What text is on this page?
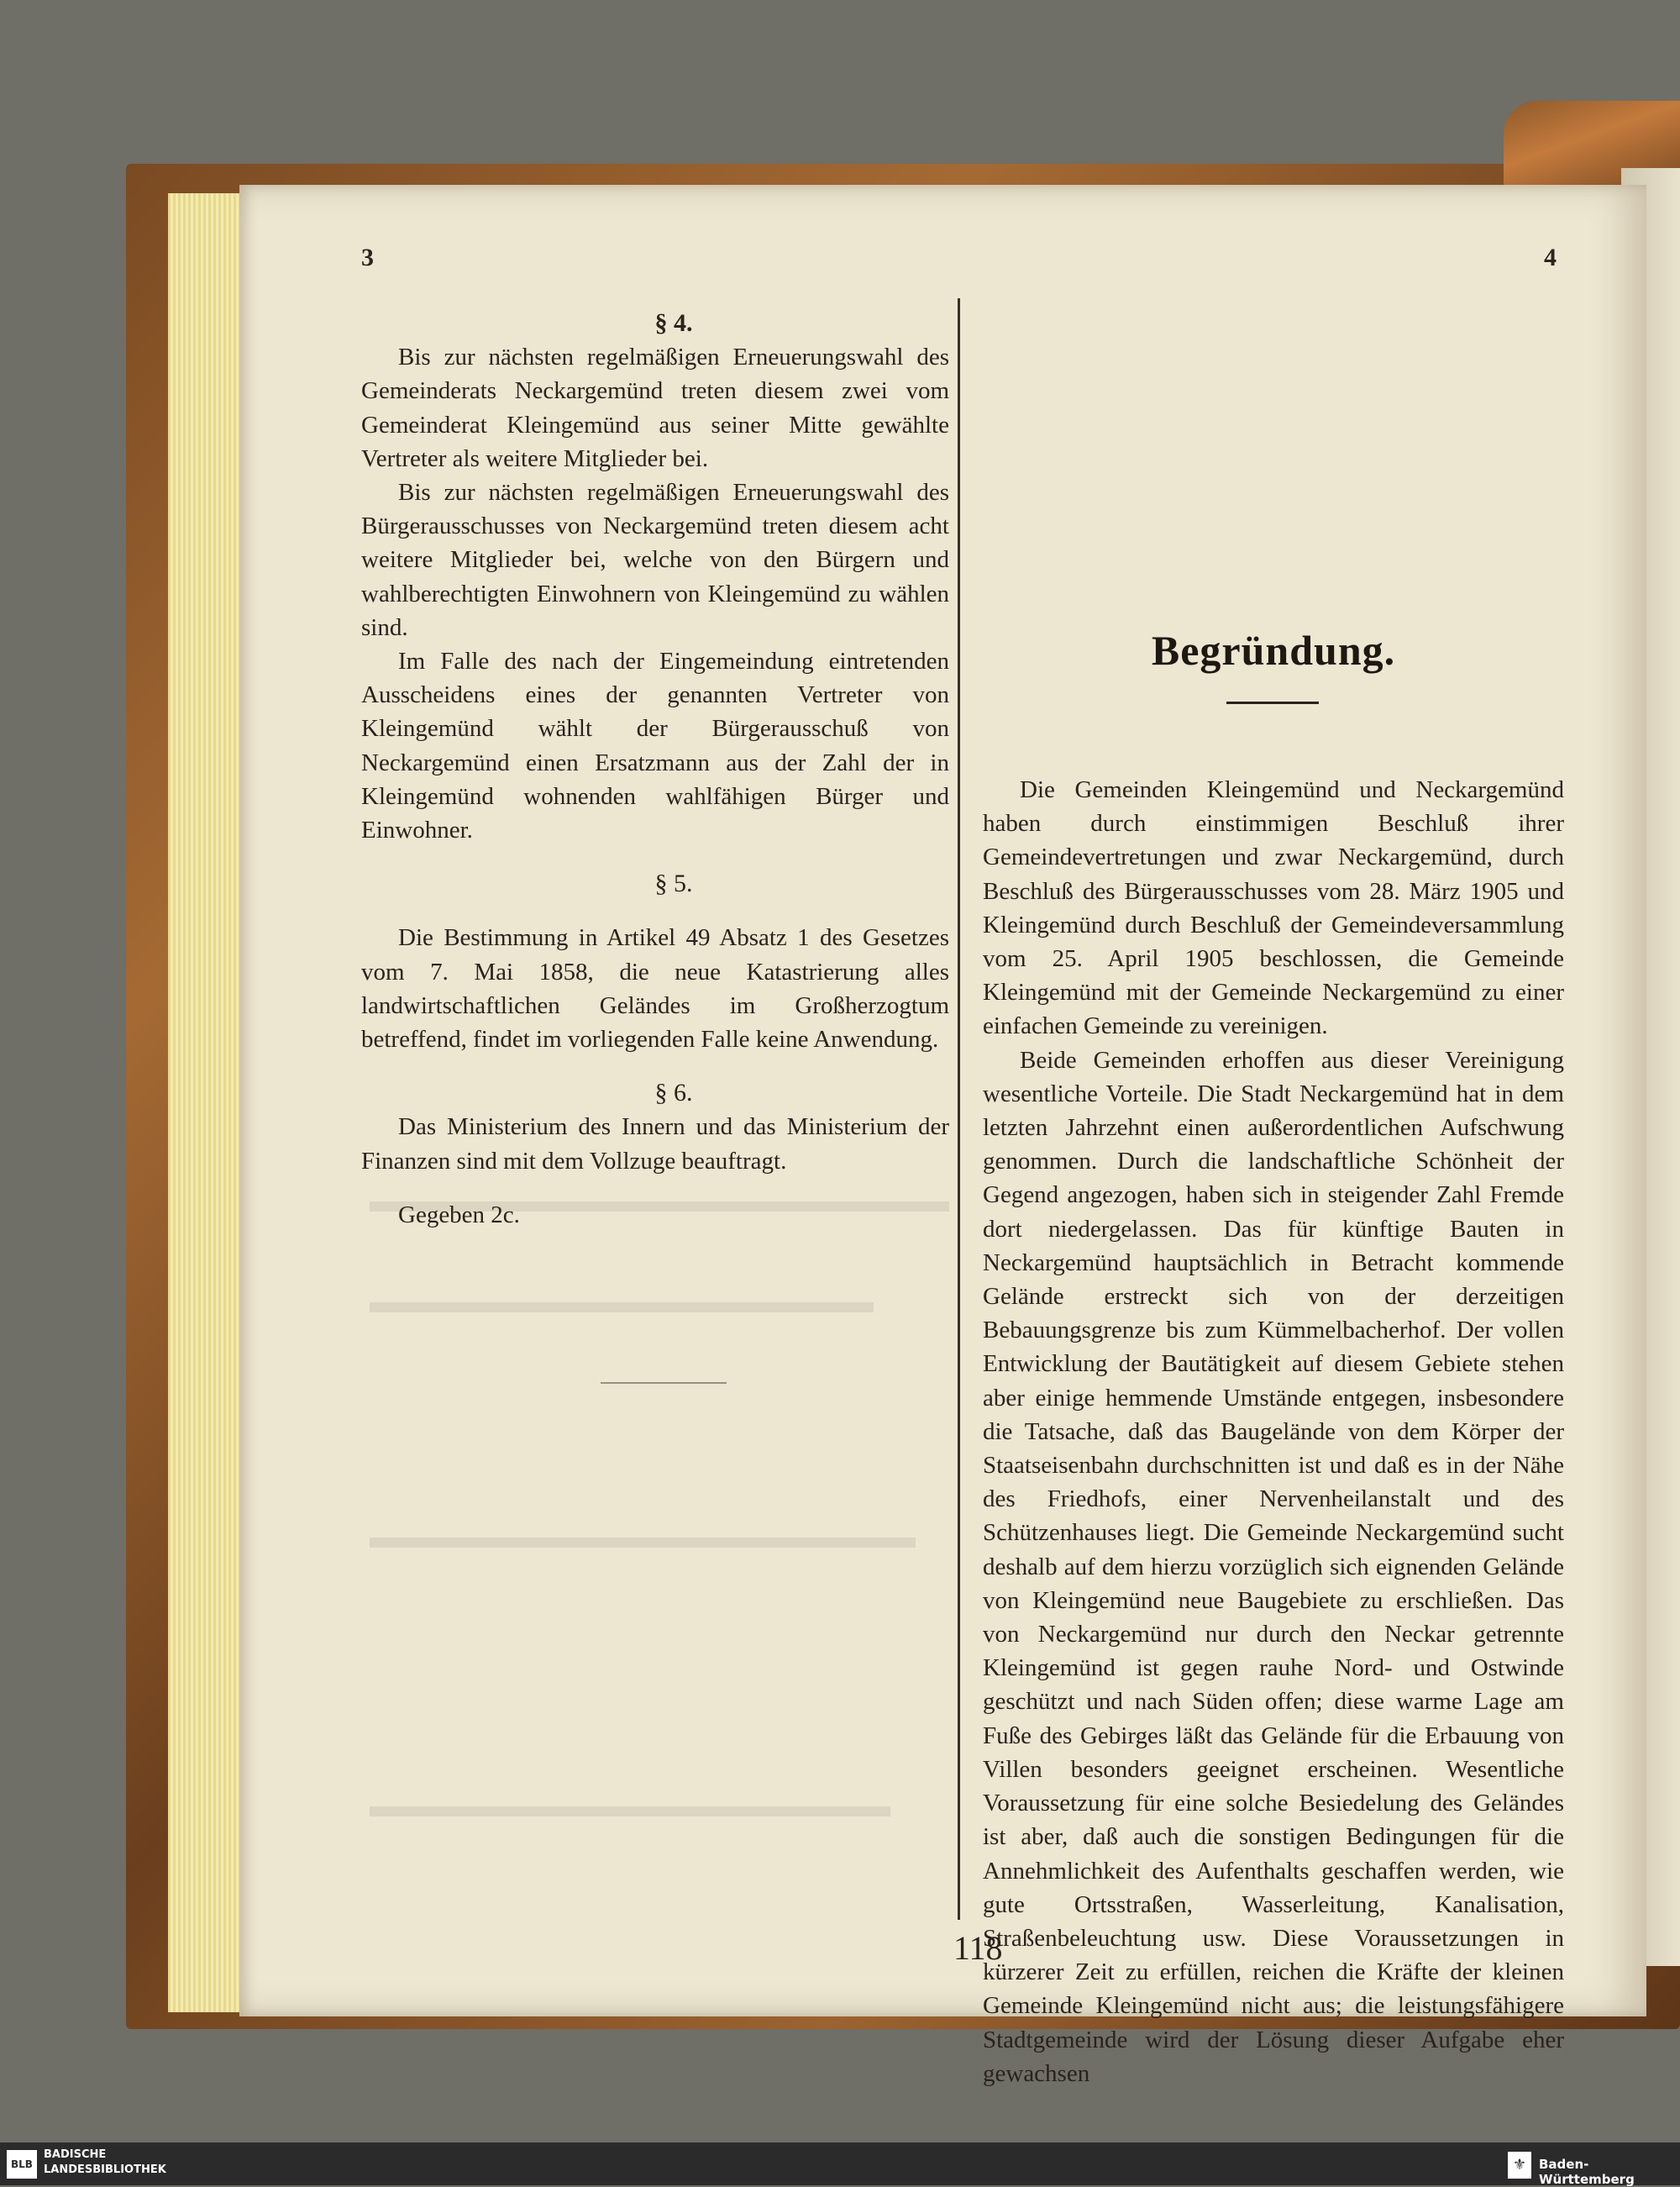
3	4

§ 4.

Bis zur nächsten regelmäßigen Erneuerungswahl des Gemeinderats Neckargemünd treten diesem zwei vom Gemeinderat Kleingemünd aus seiner Mitte gewählte Vertreter als weitere Mitglieder bei.

Bis zur nächsten regelmäßigen Erneuerungswahl des Bürgerausschusses von Neckargemünd treten diesem acht weitere Mitglieder bei, welche von den Bürgern und wahlberechtigten Einwohnern von Kleingemünd zu wählen sind.

Im Falle des nach der Eingemeindung eintretenden Ausscheidens eines der genannten Vertreter von Kleingemünd wählt der Bürgerausschuß von Neckargemünd einen Ersatzmann aus der Zahl der in Kleingemünd wohnenden wahlfähigen Bürger und Einwohner.

§ 5.

Die Bestimmung in Artikel 49 Absatz 1 des Gesetzes vom 7. Mai 1858, die neue Katastrierung alles landwirtschaftlichen Geländes im Großherzogtum betreffend, findet im vorliegenden Falle keine Anwendung.

§ 6.

Das Ministerium des Innern und das Ministerium der Finanzen sind mit dem Vollzuge beauftragt.

Gegeben 2c.

Begründung.

Die Gemeinden Kleingemünd und Neckargemünd haben durch einstimmigen Beschluß ihrer Gemeindevertretungen und zwar Neckargemünd, durch Beschluß des Bürgerausschusses vom 28. März 1905 und Kleingemünd durch Beschluß der Gemeindeversammlung vom 25. April 1905 beschlossen, die Gemeinde Kleingemünd mit der Gemeinde Neckargemünd zu einer einfachen Gemeinde zu vereinigen.

Beide Gemeinden erhoffen aus dieser Vereinigung wesentliche Vorteile. Die Stadt Neckargemünd hat in dem letzten Jahrzehnt einen außerordentlichen Aufschwung genommen. Durch die landschaftliche Schönheit der Gegend angezogen, haben sich in steigender Zahl Fremde dort niedergelassen. Das für künftige Bauten in Neckargemünd hauptsächlich in Betracht kommende Gelände erstreckt sich von der derzeitigen Bebauungsgrenze bis zum Kümmelbacherhof. Der vollen Entwicklung der Bautätigkeit auf diesem Gebiete stehen aber einige hemmende Umstände entgegen, insbesondere die Tatsache, daß das Baugelände von dem Körper der Staatseisenbahn durchschnitten ist und daß es in der Nähe des Friedhofs, einer Nervenheilanstalt und des Schützenhauses liegt. Die Gemeinde Neckargemünd sucht deshalb auf dem hierzu vorzüglich sich eignenden Gelände von Kleingemünd neue Baugebiete zu erschließen. Das von Neckargemünd nur durch den Neckar getrennte Kleingemünd ist gegen rauhe Nord- und Ostwinde geschützt und nach Süden offen; diese warme Lage am Fuße des Gebirges läßt das Gelände für die Erbauung von Villen besonders geeignet erscheinen. Wesentliche Voraussetzung für eine solche Besiedelung des Geländes ist aber, daß auch die sonstigen Bedingungen für die Annehmlichkeit des Aufenthalts geschaffen werden, wie gute Ortsstraßen, Wasserleitung, Kanalisation, Straßenbeleuchtung usw. Diese Voraussetzungen in kürzerer Zeit zu erfüllen, reichen die Kräfte der kleinen Gemeinde Kleingemünd nicht aus; die leistungsfähigere Stadtgemeinde wird der Lösung dieser Aufgabe eher gewachsen

118
BLB
BADISCHE
LANDESBIBLIOTHEK	⚜ Baden-Württemberg
